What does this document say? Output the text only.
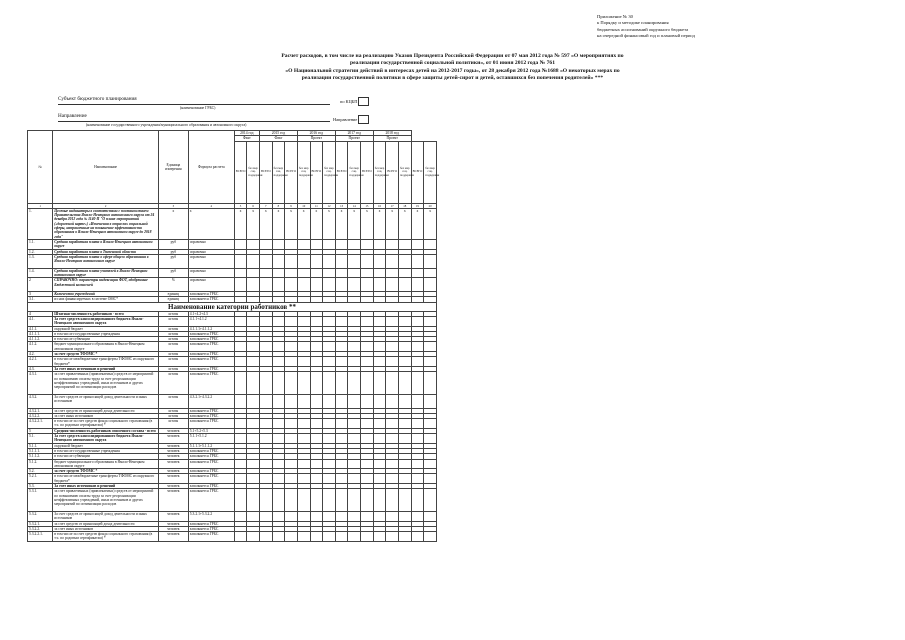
Приложение № 30
к Порядку и методике планирования
бюджетных ассигнований окружного бюджета
на очередной финансовый год и плановый период
Расчет расходов, в том числе на реализацию Указов Президента Российской Федерации от 07 мая 2012 года № 597 «О мероприятиях по
реализации государственной социальной политики», от 01 июня 2012 года № 761
«О Национальной стратегии действий в интересах детей на 2012-2017 годы», от 28 декабря 2012 года №1688 «О некоторых мерах по
реализации государственной политики в сфере защиты детей-сирот и детей, оставшихся без попечения родителей» ***
Субъект бюджетного планирования
(наименование ГРБС)
по КЦБП
Направление
(наименование государственного учреждения/муниципального образования и автономного округа)
Направление
№	Наименование	Единица измерения	Формула расчета	2014 год		2015 год			2016 год			2017 год			2018 год				
				Факт		Факт			Проект			Проект			Проект				
				ВСЕГО	без мер соц. поддержки	ВСЕГО	без мер соц. поддержки	ВСЕГО	без мер соц. поддержки	ВСЕГО	без мер соц. поддержки	ВСЕГО	без мер соц. поддержки	ВСЕГО	без мер соц. поддержки	ВСЕГО	без мер соц. поддержки	ВСЕГО	без мер соц. поддержки
1	2	3	4	5	6	7	8	9	10	11	12	13	14	15	16	17	18	19	20
1.	Целевые индикаторы в соответствии с постановлением Правительства Ямало-Ненецкого автономного округа от 24 декабря 2012 года № 1140-П "О плане мероприятий («дорожной карте») «Изменения в отраслях социальной сферы, направленные на повышение эффективности образования в Ямало-Ненецком автономном округе до 2018 года"	x	x	x	x	x	x	x	x	x	x	x	x	x	x	x	x	x	x
1.1.	Средняя заработная плата в Ямало-Ненецком автономном округе	руб	справочно																
1.2.	Средняя заработная плата в Тюменской области	руб	справочно																
1.3.	Средняя заработная плата о сфере общего образования в Ямало-Ненецком автономном округе	руб	справочно																
1.4.	Средняя заработная плата учителей в Ямало-Ненецком автономном округе	руб	справочно																
2	СПРАВОЧНО: параметры индексации ФОТ, одобренные Бюджетной комиссией	%	справочно																
3	Количество учреждений	единиц	заполняется ГРБС																
3.1.	из них финансируемых в системе ОМС*	единиц	заполняется ГРБС																
Наименование категории работников **																			
4	Штатная численность работников - всего	штатн	4.1+4.2+4.3																
4.1.	За счет средств консолидированного бюджета Ямало-Ненецкого автономного округа	штатн	4.1.1+4.1.2																
4.1.1.	окружной бюджет	штатн	4.1.1.1+4.1.1.2																
4.1.1.1.	в том числе государственные учреждения	штатн	заполняется ГРБС																
4.1.1.2.	в том числе субвенции	штатн	заполняется ГРБС																
4.1.2.	бюджет муниципального образования в Ямало-Ненецком автономном округе	штатн	заполняется ГРБС																
4.2.	за счет средств ТФОМС *	штатн	заполняется ГРБС																
4.2.1.	в том числе межбюджетные трансферты ТФОМС из окружного бюджета*	штатн	заполняется ГРБС																
4.3.	За счет иных источников и решений	штатн	заполняется ГРБС																
4.3.1.	за счет привлеченных (привлекаемых) средств от мероприятий по повышению оплаты труда за счет реорганизации неэффективных учреждений, иных источников и других мероприятий по оптимизации расходов	штатн	заполняется ГРБС																
4.3.2.	За счет средств от приносящей доход деятельности и иных источников	штатн	4.3.2.1+4.3.2.2																
4.3.2.1.	за счет средств от приносящей доход деятельности	штатн	заполняется ГРБС																
4.3.2.2.	за счет иных источников	штатн	заполняется ГРБС																
4.3.2.2.1.	в том числе за счет средств фонда социального страхования (в т.ч. по родовым сертификатам) *	штатн	заполняется ГРБС																
5	Средняя численность работников списочного состава - всего	человек	5.1+5.2+5.3																
5.1.	За счет средств консолидированного бюджета Ямало-Ненецкого автономного округа	человек	5.1.1+5.1.2																
5.1.1.	окружной бюджет	человек	5.1.1.1+5.1.1.2																
5.1.1.1.	в том числе государственные учреждения	человек	заполняется ГРБС																
5.1.1.2.	в том числе субвенции	человек	заполняется ГРБС																
5.1.2.	бюджет муниципального образования в Ямало-Ненецком автономном округе	человек	заполняется ГРБС																
5.2.	за счет средств ТФОМС *	человек	заполняется ГРБС																
5.2.1.	в том числе межбюджетные трансферты ТФОМС из окружного бюджета*	человек	заполняется ГРБС																
5.3.	За счет иных источников и решений	человек	заполняется ГРБС																
5.3.1.	за счет привлеченных (привлекаемых) средств от мероприятий по повышению оплаты труда за счет реорганизации неэффективных учреждений, иных источников и других мероприятий по оптимизации расходов	человек	заполняется ГРБС																
5.3.2.	За счет средств от приносящей доход деятельности и иных источников	человек	5.3.2.1+5.3.2.2																
5.3.2.1.	за счет средств от приносящей доход деятельности	человек	заполняется ГРБС																
5.3.2.2.	за счет иных источников	человек	заполняется ГРБС																
5.3.2.2.1.	в том числе за счет средств фонда социального страхования (в т.ч. по родовым сертификатам) *	человек	заполняется ГРБС																
